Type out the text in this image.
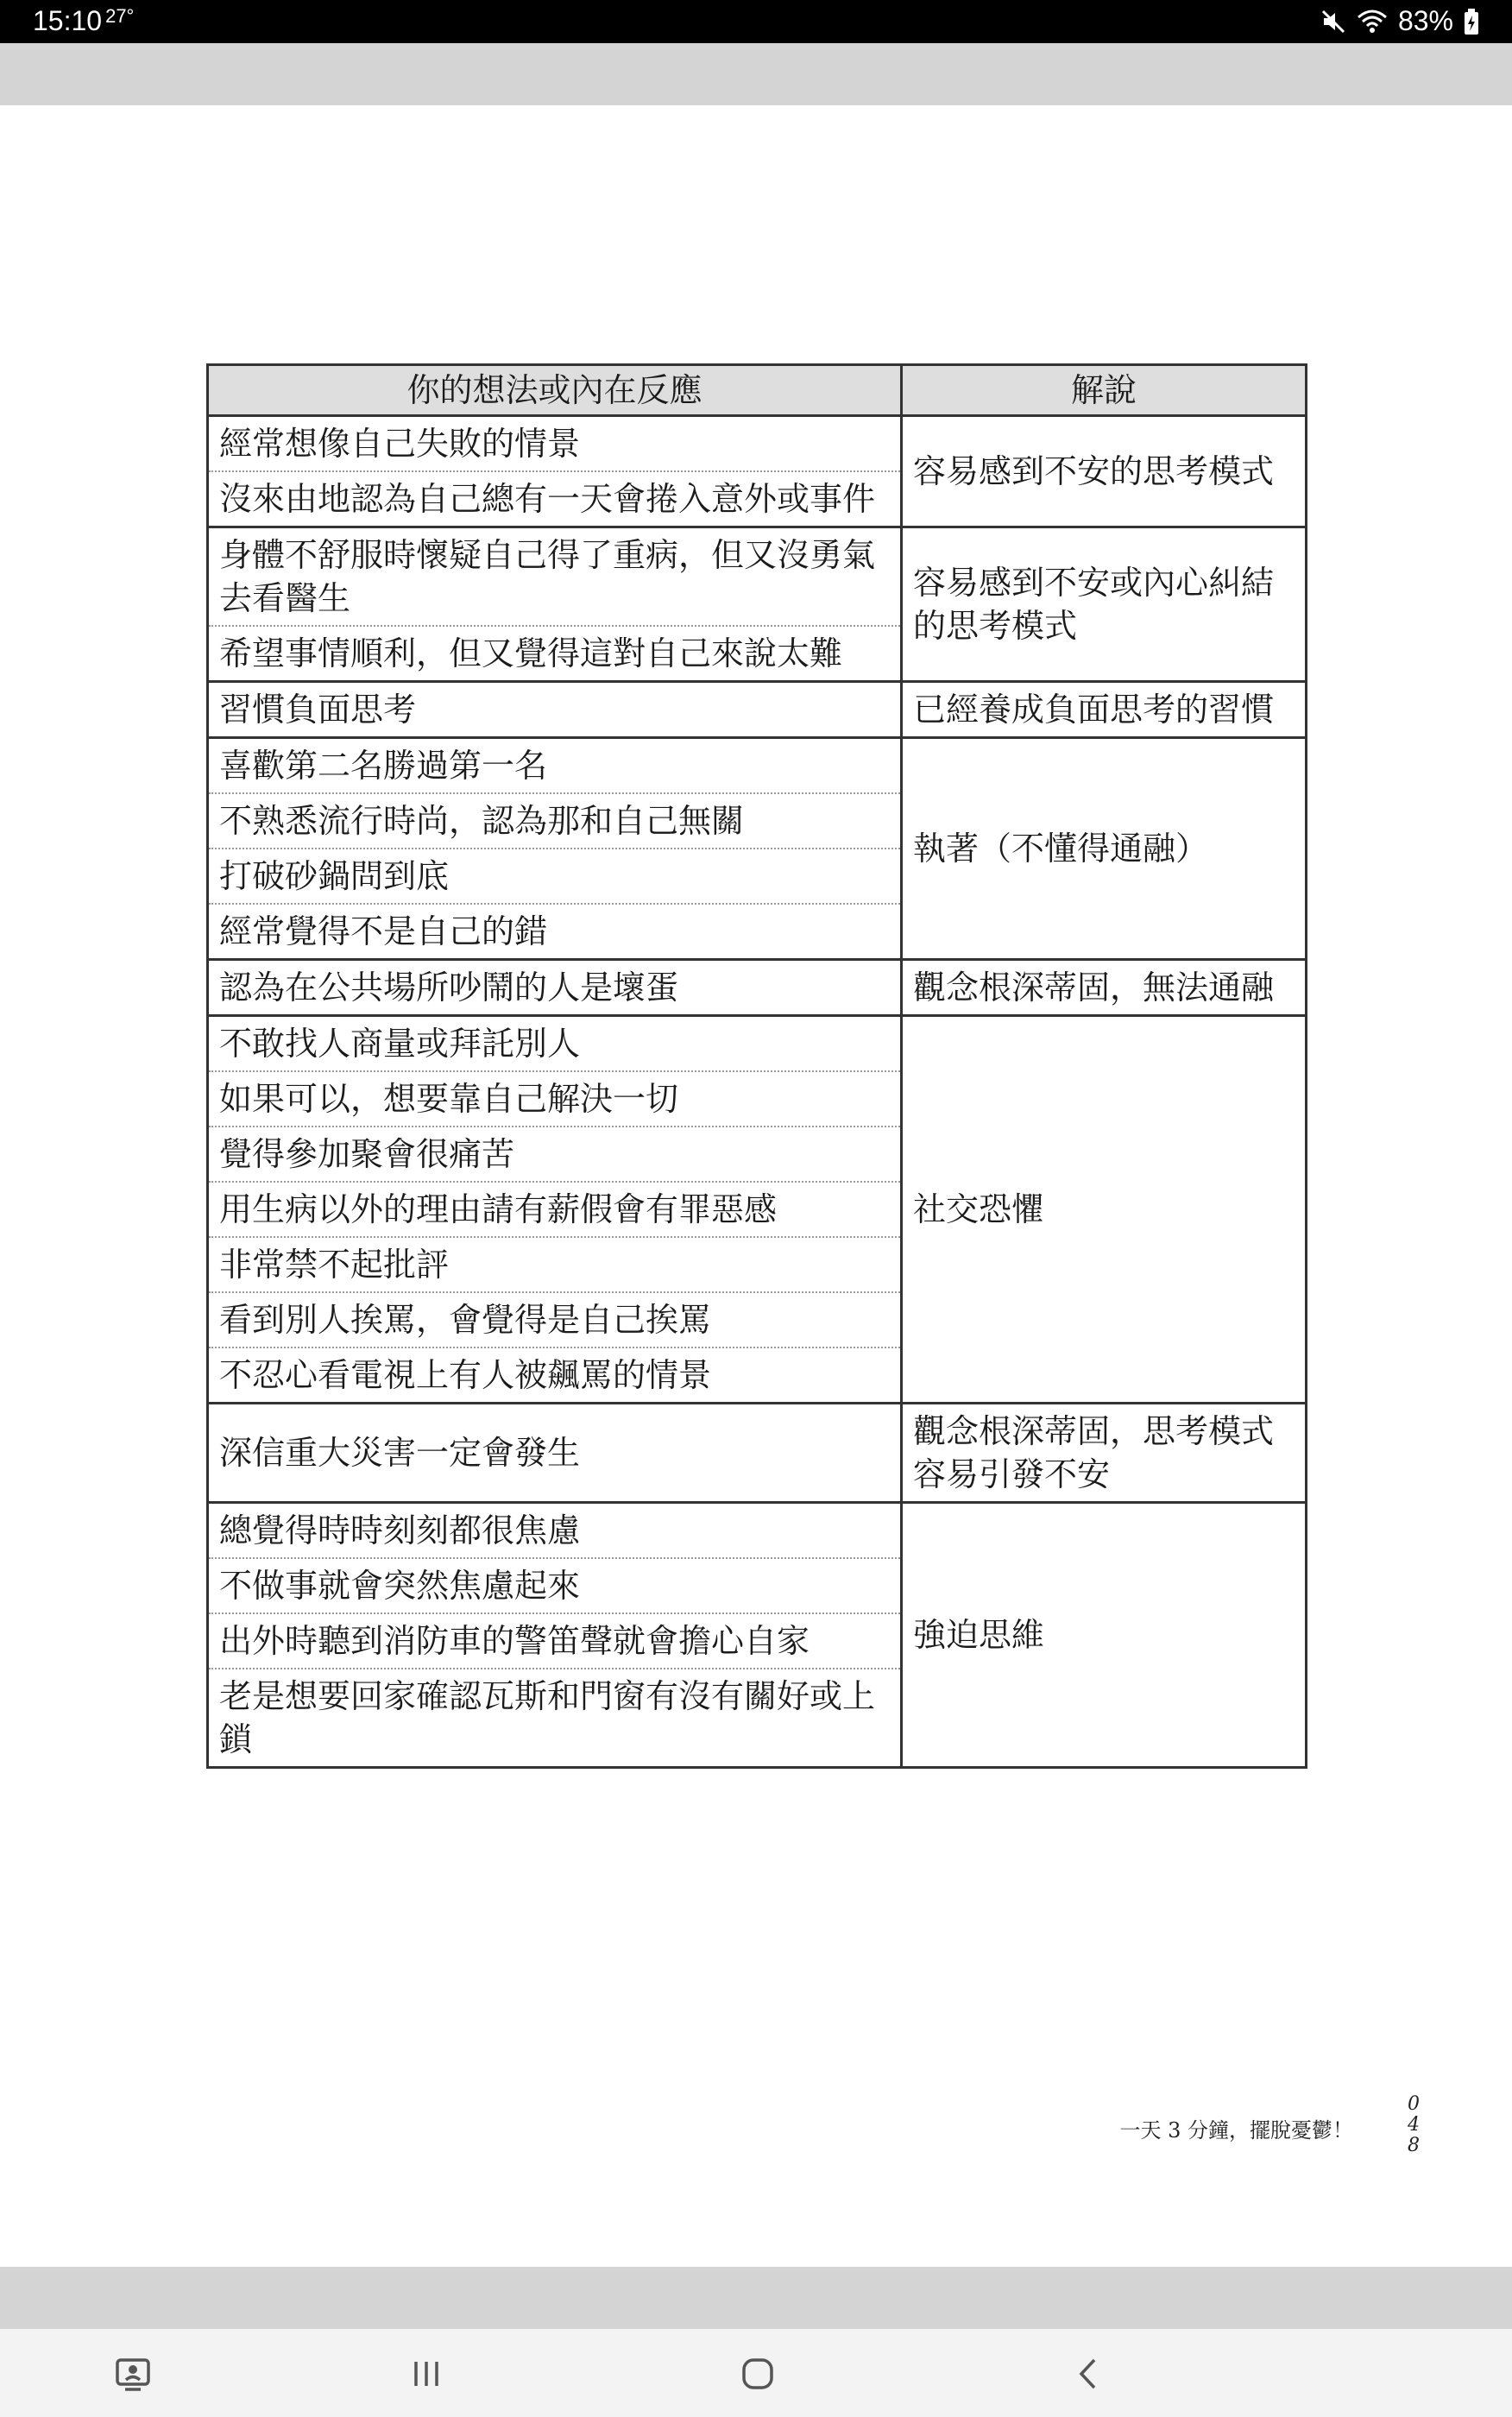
15:10 $^{27^\circ}$	83%
你的想法或內在反應	解說
經常想像自己失敗的情景	容易感到不安的思考模式
沒來由地認為自己總有一天會捲入意外或事件	
身體不舒服時懷疑自己得了重病，但又沒勇氣去看醫生	容易感到不安或內心糾結的思考模式
希望事情順利，但又覺得這對自己來說太難	
習慣負面思考	已經養成負面思考的習慣
喜歡第二名勝過第一名	執著（不懂得通融）
不熟悉流行時尚，認為那和自己無關	
打破砂鍋問到底	
經常覺得不是自己的錯	
認為在公共場所吵鬧的人是壞蛋	觀念根深蒂固，無法通融
不敢找人商量或拜託別人	社交恐懼
如果可以，想要靠自己解決一切	
覺得參加聚會很痛苦	
用生病以外的理由請有薪假會有罪惡感	
非常禁不起批評	
看到別人挨罵，會覺得是自己挨罵	
不忍心看電視上有人被飆罵的情景	
深信重大災害一定會發生	觀念根深蒂固，思考模式容易引發不安
總覺得時時刻刻都很焦慮	強迫思維
不做事就會突然焦慮起來	
出外時聽到消防車的警笛聲就會擔心自家	
老是想要回家確認瓦斯和門窗有沒有關好或上鎖	
一天 3 分鐘，擺脫憂鬱！
0
4
8
